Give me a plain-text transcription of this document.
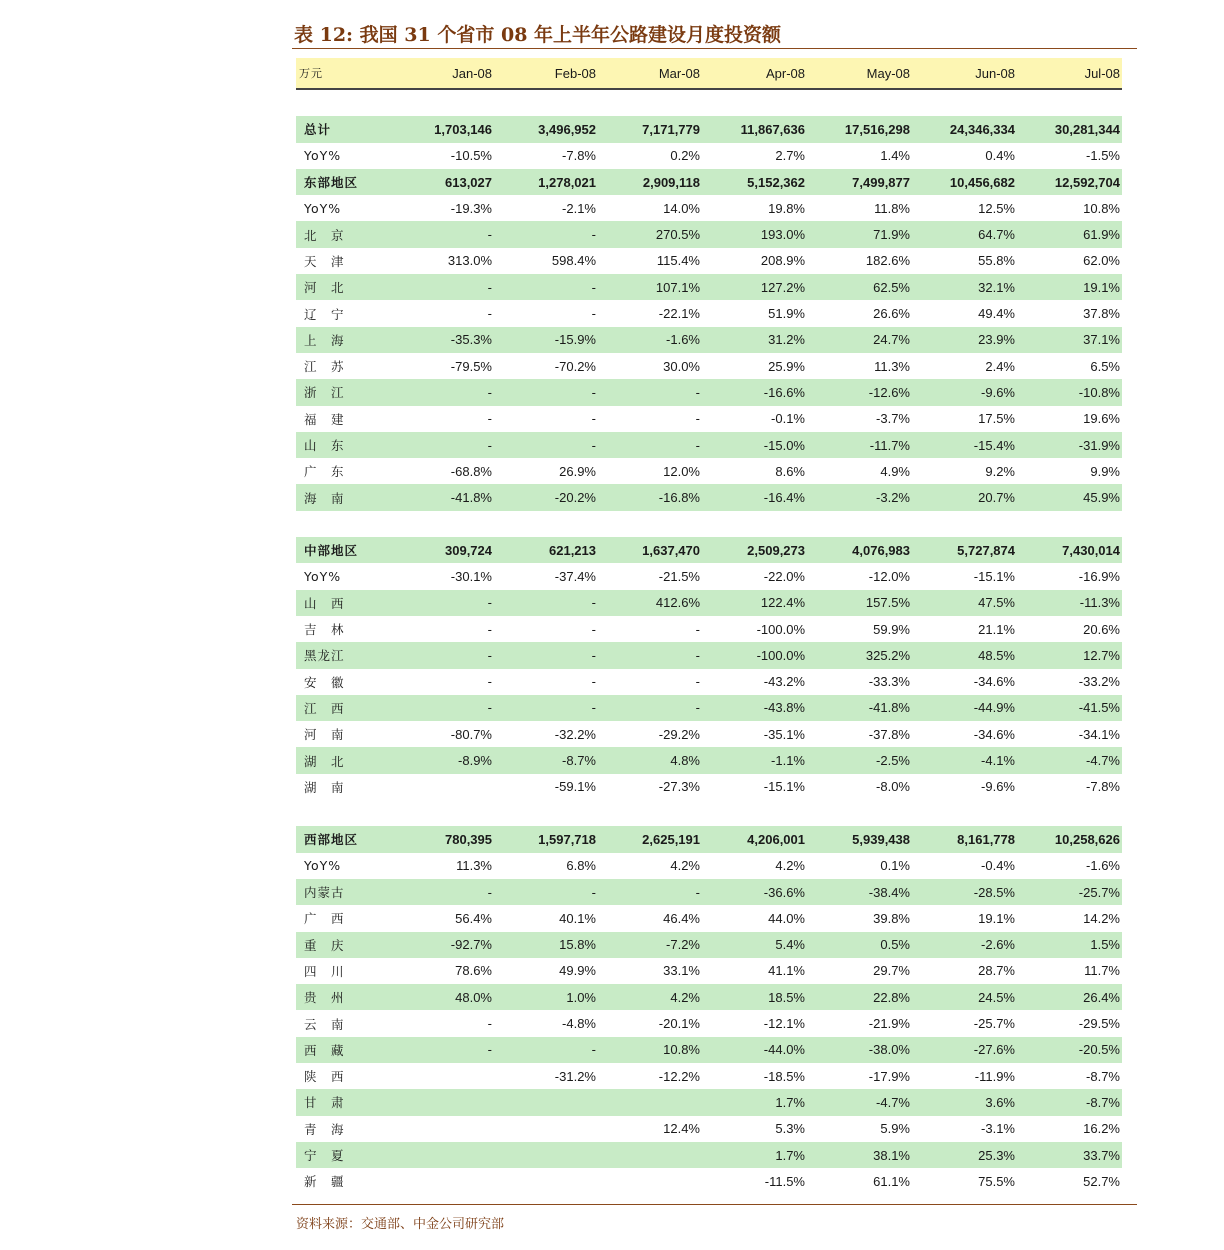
表 12: 我国 31 个省市 08 年上半年公路建设月度投资额
万元	Jan-08	Feb-08	Mar-08	Apr-08	May-08	Jun-08	Jul-08

总计	1,703,146	3,496,952	7,171,779	11,867,636	17,516,298	24,346,334	30,281,344
YoY%	-10.5%	-7.8%	0.2%	2.7%	1.4%	0.4%	-1.5%
东部地区	613,027	1,278,021	2,909,118	5,152,362	7,499,877	10,456,682	12,592,704
YoY%	-19.3%	-2.1%	14.0%	19.8%	11.8%	12.5%	10.8%
北　京	-	-	270.5%	193.0%	71.9%	64.7%	61.9%
天　津	313.0%	598.4%	115.4%	208.9%	182.6%	55.8%	62.0%
河　北	-	-	107.1%	127.2%	62.5%	32.1%	19.1%
辽　宁	-	-	-22.1%	51.9%	26.6%	49.4%	37.8%
上　海	-35.3%	-15.9%	-1.6%	31.2%	24.7%	23.9%	37.1%
江　苏	-79.5%	-70.2%	30.0%	25.9%	11.3%	2.4%	6.5%
浙　江	-	-	-	-16.6%	-12.6%	-9.6%	-10.8%
福　建	-	-	-	-0.1%	-3.7%	17.5%	19.6%
山　东	-	-	-	-15.0%	-11.7%	-15.4%	-31.9%
广　东	-68.8%	26.9%	12.0%	8.6%	4.9%	9.2%	9.9%
海　南	-41.8%	-20.2%	-16.8%	-16.4%	-3.2%	20.7%	45.9%

中部地区	309,724	621,213	1,637,470	2,509,273	4,076,983	5,727,874	7,430,014
YoY%	-30.1%	-37.4%	-21.5%	-22.0%	-12.0%	-15.1%	-16.9%
山　西	-	-	412.6%	122.4%	157.5%	47.5%	-11.3%
吉　林	-	-	-	-100.0%	59.9%	21.1%	20.6%
黑龙江	-	-	-	-100.0%	325.2%	48.5%	12.7%
安　徽	-	-	-	-43.2%	-33.3%	-34.6%	-33.2%
江　西	-	-	-	-43.8%	-41.8%	-44.9%	-41.5%
河　南	-80.7%	-32.2%	-29.2%	-35.1%	-37.8%	-34.6%	-34.1%
湖　北	-8.9%	-8.7%	4.8%	-1.1%	-2.5%	-4.1%	-4.7%
湖　南		-59.1%	-27.3%	-15.1%	-8.0%	-9.6%	-7.8%

西部地区	780,395	1,597,718	2,625,191	4,206,001	5,939,438	8,161,778	10,258,626
YoY%	11.3%	6.8%	4.2%	4.2%	0.1%	-0.4%	-1.6%
内蒙古	-	-	-	-36.6%	-38.4%	-28.5%	-25.7%
广　西	56.4%	40.1%	46.4%	44.0%	39.8%	19.1%	14.2%
重　庆	-92.7%	15.8%	-7.2%	5.4%	0.5%	-2.6%	1.5%
四　川	78.6%	49.9%	33.1%	41.1%	29.7%	28.7%	11.7%
贵　州	48.0%	1.0%	4.2%	18.5%	22.8%	24.5%	26.4%
云　南	-	-4.8%	-20.1%	-12.1%	-21.9%	-25.7%	-29.5%
西　藏	-	-	10.8%	-44.0%	-38.0%	-27.6%	-20.5%
陕　西		-31.2%	-12.2%	-18.5%	-17.9%	-11.9%	-8.7%
甘　肃				1.7%	-4.7%	3.6%	-8.7%
青　海			12.4%	5.3%	5.9%	-3.1%	16.2%
宁　夏				1.7%	38.1%	25.3%	33.7%
新　疆				-11.5%	61.1%	75.5%	52.7%
资料来源：交通部、中金公司研究部
